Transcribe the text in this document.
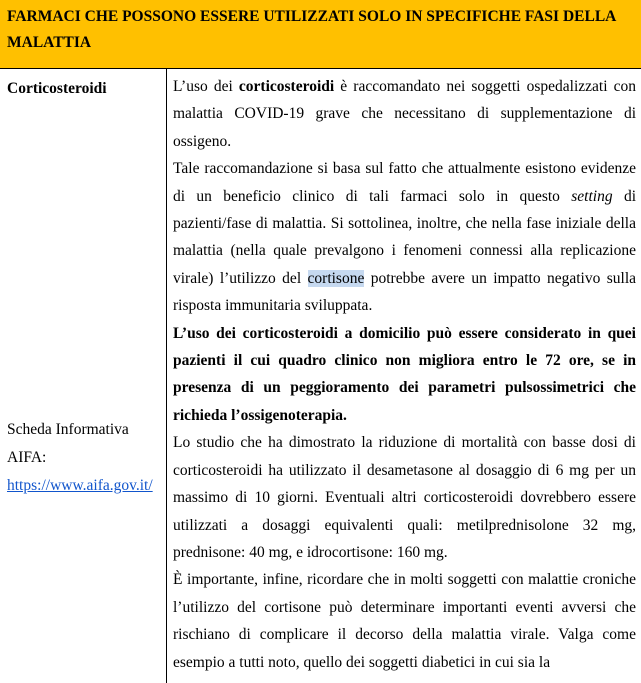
FARMACI CHE POSSONO ESSERE UTILIZZATI SOLO IN SPECIFICHE FASI DELLA
MALATTIA
Corticosteroidi
Scheda Informativa
AIFA:
https://www.aifa.gov.it/

L’uso dei corticosteroidi è raccomandato nei soggetti ospedalizzati con malattia COVID-19 grave che necessitano di supplementazione di ossigeno.

Tale raccomandazione si basa sul fatto che attualmente esistono evidenze di un beneficio clinico di tali farmaci solo in questo setting di pazienti/fase di malattia. Si sottolinea, inoltre, che nella fase iniziale della malattia (nella quale prevalgono i fenomeni connessi alla replicazione virale) l’utilizzo del cortisone potrebbe avere un impatto negativo sulla risposta immunitaria sviluppata.

L’uso dei corticosteroidi a domicilio può essere considerato in quei pazienti il cui quadro clinico non migliora entro le 72 ore, se in presenza di un peggioramento dei parametri pulsossimetrici che richieda l’ossigenoterapia.

Lo studio che ha dimostrato la riduzione di mortalità con basse dosi di corticosteroidi ha utilizzato il desametasone al dosaggio di 6 mg per un massimo di 10 giorni. Eventuali altri corticosteroidi dovrebbero essere utilizzati a dosaggi equivalenti quali: metilprednisolone 32 mg, prednisone: 40 mg, e idrocortisone: 160 mg.

È importante, infine, ricordare che in molti soggetti con malattie croniche l’utilizzo del cortisone può determinare importanti eventi avversi che rischiano di complicare il decorso della malattia virale. Valga come esempio a tutti noto, quello dei soggetti diabetici in cui sia la
